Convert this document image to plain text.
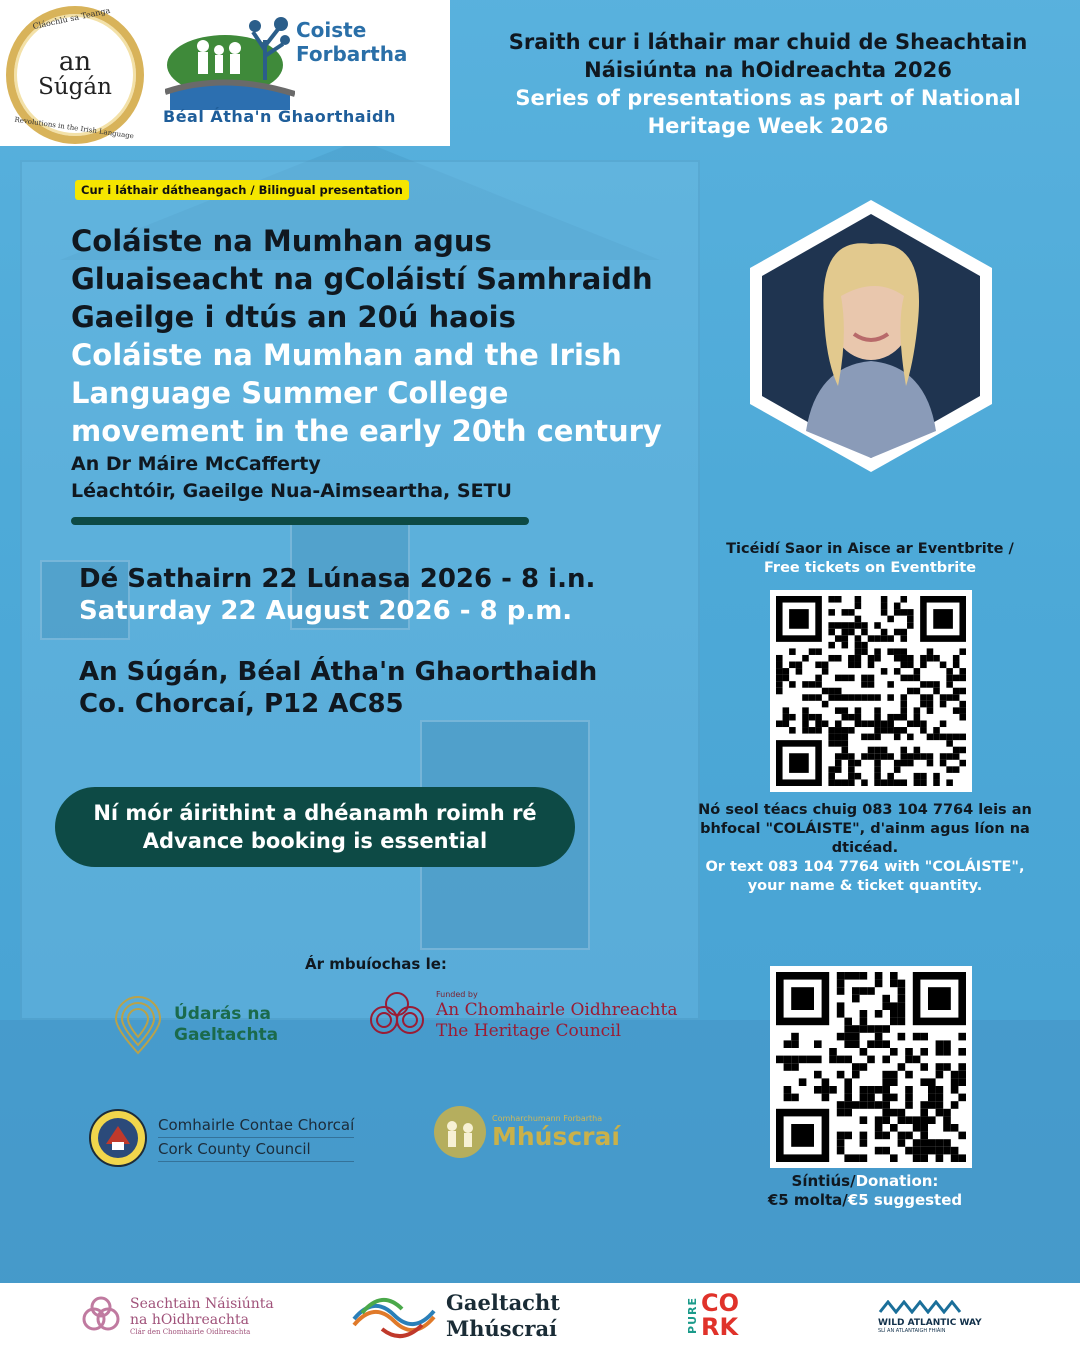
an
Súgán
Cláochlú sa Teanga
Revolutions in the Irish Language
Coiste
Forbartha
Béal Átha'n Ghaorthaidh
Sraith cur i láthair mar chuid de Sheachtain Náisiúnta na hOidreachta 2026
Series of presentations as part of National Heritage Week 2026
Cur i láthair dátheangach / Bilingual presentation
Coláiste na Mumhan agus Gluaiseacht na gColáistí Samhraidh Gaeilge i dtús an 20ú haois
Coláiste na Mumhan and the Irish Language Summer College movement in the early 20th century
An Dr Máire McCafferty
Léachtóir, Gaeilge Nua-Aimseartha, SETU
Dé Sathairn 22 Lúnasa 2026 - 8 i.n.
Saturday 22 August 2026 - 8 p.m.
An Súgán, Béal Átha'n Ghaorthaidh
Co. Chorcaí, P12 AC85
Ní mór áirithint a dhéanamh roimh ré
Advance booking is essential
Ticéidí Saor in Aisce ar Eventbrite /
Free tickets on Eventbrite
Nó seol téacs chuig 083 104 7764 leis an bhfocal "COLÁISTE", d'ainm agus líon na dticéad.
Or text 083 104 7764 with "COLÁISTE", your name & ticket quantity.
Síntiús/Donation:
€5 molta/€5 suggested
Ár mbuíochas le:
Údarás na
Gaeltachta
Funded by
An Chomhairle Oidhreachta
The Heritage Council
Comhairle Contae Chorcaí
Cork County Council
Comharchumann Forbartha
Mhúscraí
Seachtain Náisiúnta
na hOidhreachta
Clár den Chomhairle Oidhreachta
Gaeltacht
Mhúscraí	PURE CO
RK	WILD ATLANTIC WAY
SLÍ AN ATLANTAIGH FHIÁIN
